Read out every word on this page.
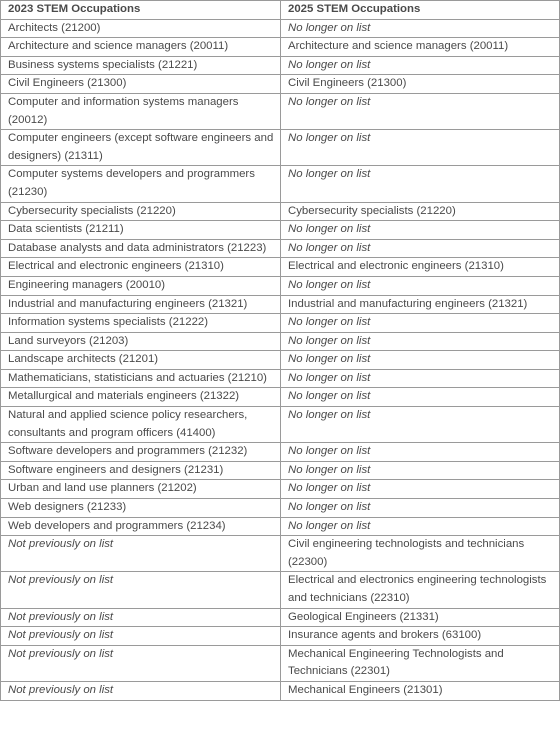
2023 STEM Occupations	2025 STEM Occupations
Architects (21200)	No longer on list
Architecture and science managers (20011)	Architecture and science managers (20011)
Business systems specialists (21221)	No longer on list
Civil Engineers (21300)	Civil Engineers (21300)
Computer and information systems managers (20012)	No longer on list
Computer engineers (except software engineers and designers) (21311)	No longer on list
Computer systems developers and programmers (21230)	No longer on list
Cybersecurity specialists (21220)	Cybersecurity specialists (21220)
Data scientists (21211)	No longer on list
Database analysts and data administrators (21223)	No longer on list
Electrical and electronic engineers (21310)	Electrical and electronic engineers (21310)
Engineering managers (20010)	No longer on list
Industrial and manufacturing engineers (21321)	Industrial and manufacturing engineers (21321)
Information systems specialists (21222)	No longer on list
Land surveyors (21203)	No longer on list
Landscape architects (21201)	No longer on list
Mathematicians, statisticians and actuaries (21210)	No longer on list
Metallurgical and materials engineers (21322)	No longer on list
Natural and applied science policy researchers, consultants and program officers (41400)	No longer on list
Software developers and programmers (21232)	No longer on list
Software engineers and designers (21231)	No longer on list
Urban and land use planners (21202)	No longer on list
Web designers (21233)	No longer on list
Web developers and programmers (21234)	No longer on list
Not previously on list	Civil engineering technologists and technicians (22300)
Not previously on list	Electrical and electronics engineering technologists and technicians (22310)
Not previously on list	Geological Engineers (21331)
Not previously on list	Insurance agents and brokers (63100)
Not previously on list	Mechanical Engineering Technologists and Technicians (22301)
Not previously on list	Mechanical Engineers (21301)
